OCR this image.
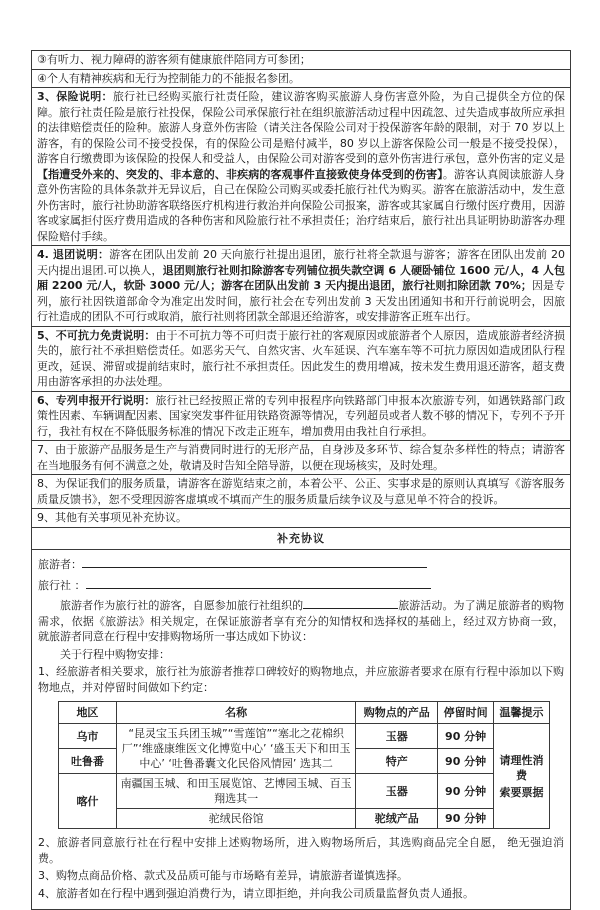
③有听力、视力障碍的游客须有健康旅伴陪同方可参团；
④个人有精神疾病和无行为控制能力的不能报名参团。
3、保险说明：旅行社已经购买旅行社责任险，建议游客购买旅游人身伤害意外险，为自己提供全方位的保障。旅行社责任险是旅行社投保，保险公司承保旅行社在组织旅游活动过程中因疏忽、过失造成事故所应承担的法律赔偿责任的险种。旅游人身意外伤害险（请关注各保险公司对于投保游客年龄的限制，对于 70 岁以上游客，有的保险公司不接受投保，有的保险公司是赔付减半，80 岁以上游客保险公司一般是不接受投保），游客自行缴费即为该保险的投保人和受益人，由保险公司对游客受到的意外伤害进行承包，意外伤害的定义是【指遭受外来的、突发的、非本意的、非疾病的客观事件直接致使身体受到的伤害】。游客认真阅读旅游人身意外伤害险的具体条款并无异议后，自己在保险公司购买或委托旅行社代为购买。游客在旅游活动中，发生意外伤害时，旅行社协助游客联络医疗机构进行救治并向保险公司报案，游客或其家属自行缴付医疗费用，因游客或家属拒付医疗费用造成的各种伤害和风险旅行社不承担责任；治疗结束后，旅行社出具证明协助游客办理保险赔付手续。
4. 退团说明：游客在团队出发前 20 天向旅行社提出退团，旅行社将全款退与游客；游客在团队出发前 20 天内提出退团.可以换人，退团则旅行社则扣除游客专列铺位损失款空调 6 人硬卧铺位 1600 元/人，4 人包厢 2200 元/人，软卧 3000 元/人；游客在团队出发前 3 天内提出退团，旅行社则扣除团款 70%；因是专列，旅行社因铁道部命令为准定出发时间，旅行社会在专列出发前 3 天发出团通知书和开行前说明会，因旅行社造成的团队不可行或取消，旅行社则将团款全部退还给游客，或安排游客正班车出行。
5、不可抗力免责说明：由于不可抗力等不可归责于旅行社的客观原因或旅游者个人原因，造成旅游者经济损失的，旅行社不承担赔偿责任。如恶劣天气、自然灾害、火车延误、汽车塞车等不可抗力原因如造成团队行程更改，延误、滞留或提前结束时，旅行社不承担责任。因此发生的费用增减，按未发生费用退还游客，超支费用由游客承担的办法处理。
6、专列申报开行说明：旅行社已经按照正常的专列申报程序向铁路部门申报本次旅游专列，如遇铁路部门政策性因素、车辆调配因素、国家突发事件征用铁路资源等情况，专列超员或者人数不够的情况下，专列不予开行，我社有权在不降低服务标准的情况下改走正班车，增加费用由我社自行承担。
7、由于旅游产品服务是生产与消费同时进行的无形产品，自身涉及多环节、综合复杂多样性的特点；请游客在当地服务有何不满意之处，敬请及时告知全陪导游，以便在现场核实，及时处理。
8、为保证我们的服务质量，请游客在游览结束之前，本着公平、公正、实事求是的原则认真填写《游客服务质量反馈书》，恕不受理因游客虚填或不填而产生的服务质量后续争议及与意见单不符合的投诉。
9、其他有关事项见补充协议。
补充协议
旅游者：
旅行社 ：

旅游者作为旅行社的游客，自愿参加旅行社组织的	旅游活动。为了满足旅游者的购物需求，依据《旅游法》相关规定，在保证旅游者享有充分的知情权和选择权的基础上，经过双方协商一致，就旅游者同意在行程中安排购物场所一事达成如下协议：

关于行程中购物安排：

1、经旅游者相关要求，旅行社为旅游者推荐口碑较好的购物地点，并应旅游者要求在原有行程中添加以下购物地点，并对停留时间做如下约定：

地区	名称	购物点的产品	停留时间	温馨提示
乌市	“昆灵宝玉兵团玉城”“雪莲馆”“塞北之花棉织厂”‘维盛康维医文化博览中心’ ‘盛玉天下和田玉中心’ ‘吐鲁番囊文化民俗风情园’ 选其二	玉器	90 分钟	请理性消费
索要票据

吐鲁番		特产	90 分钟	
喀什	南疆国玉城、和田玉展览馆、艺博园玉城、百玉翔选其一	玉器	90 分钟	
	驼绒民俗馆	驼绒产品	90 分钟	

2、旅游者同意旅行社在行程中安排上述购物场所，进入购物场所后，其选购商品完全自愿， 绝无强迫消费。

3、购物点商品价格、款式及品质可能与市场略有差异，请旅游者谨慎选择。

4、旅游者如在行程中遇到强迫消费行为，请立即拒绝，并向我公司质量监督负责人通报。
